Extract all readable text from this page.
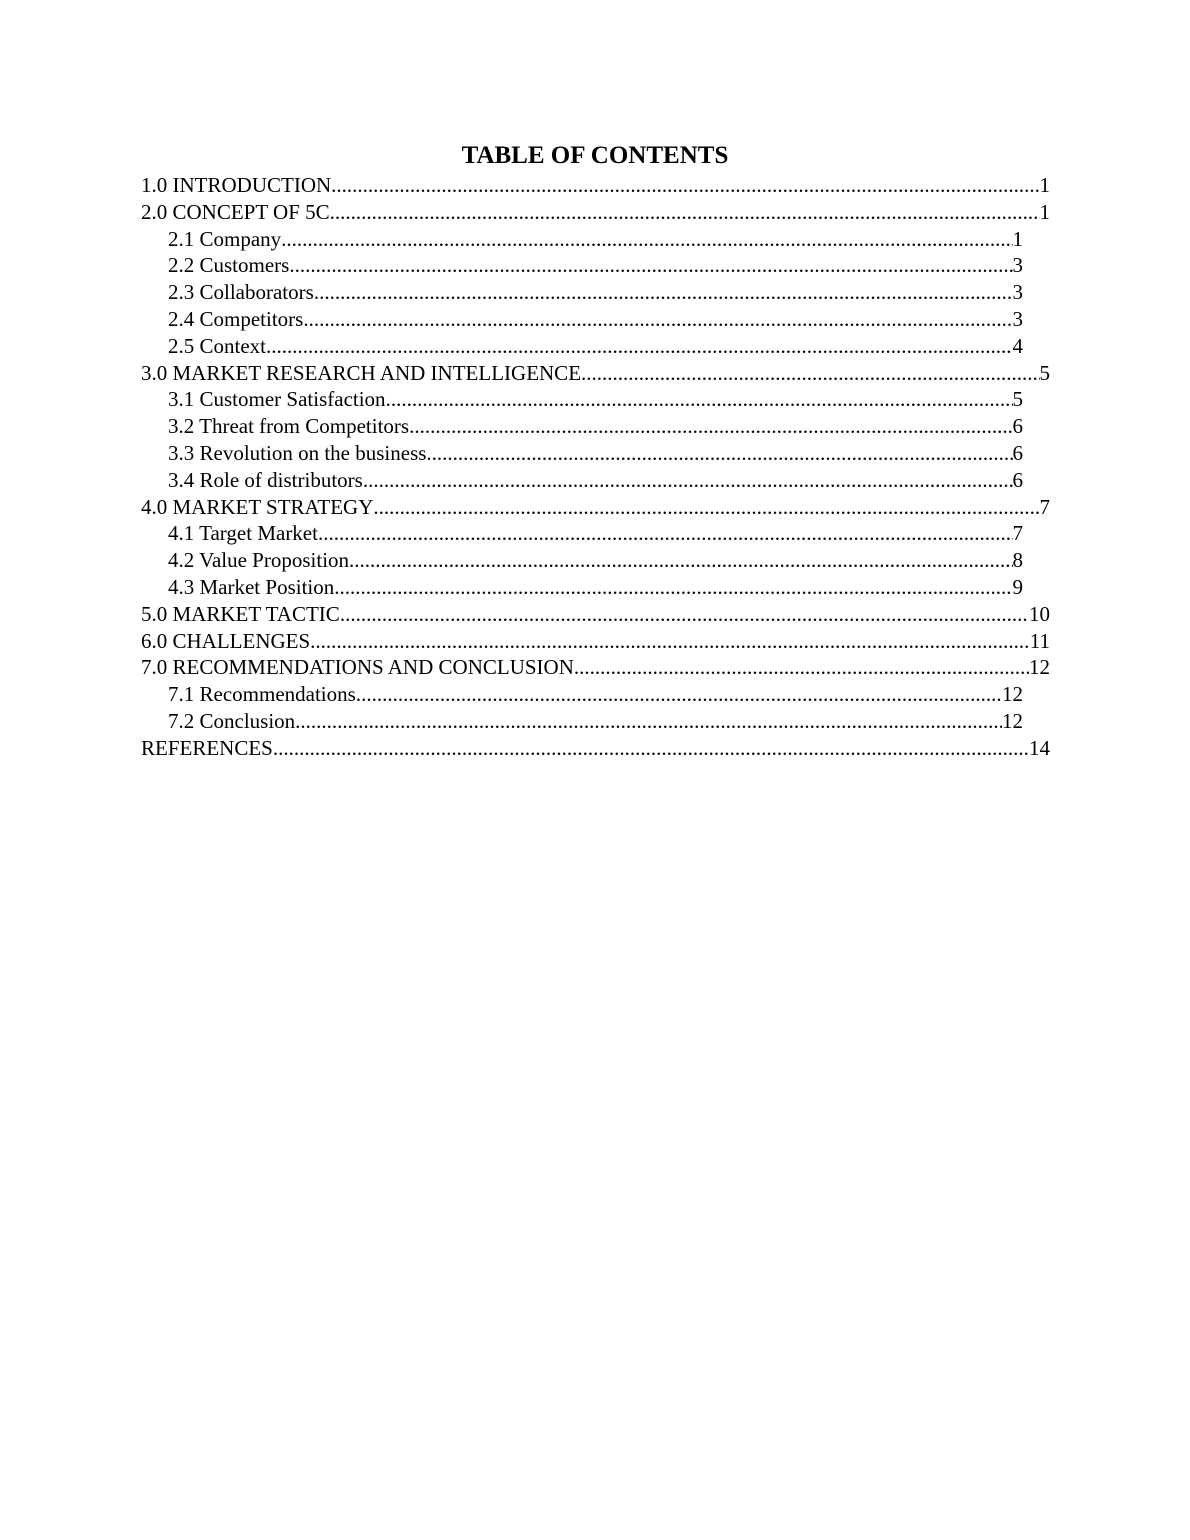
TABLE OF CONTENTS
1.0 INTRODUCTION .....	1
2.0 CONCEPT OF 5C .....	1
2.1 Company .....	1
2.2 Customers .....	3
2.3 Collaborators .....	3
2.4 Competitors .....	3
2.5 Context .....	4
3.0 MARKET RESEARCH AND INTELLIGENCE .....	5
3.1 Customer Satisfaction .....	5
3.2 Threat from Competitors .....	6
3.3 Revolution on the business .....	6
3.4 Role of distributors .....	6
4.0 MARKET STRATEGY .....	7
4.1 Target Market .....	7
4.2 Value Proposition .....	8
4.3 Market Position .....	9
5.0 MARKET TACTIC .....	10
6.0 CHALLENGES .....	11
7.0 RECOMMENDATIONS AND CONCLUSION .....	12
7.1 Recommendations .....	12
7.2 Conclusion .....	12
REFERENCES .....	14
